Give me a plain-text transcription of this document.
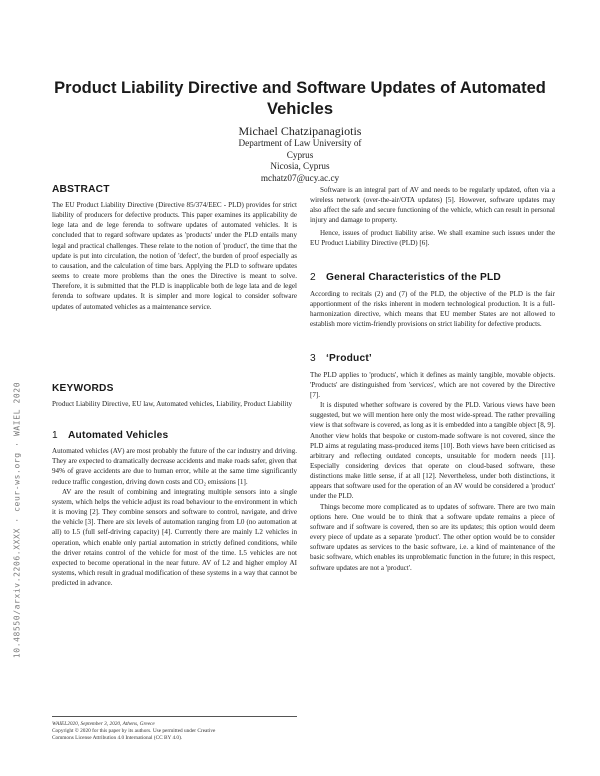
10.48550/arxiv.2206.XXXX · ceur-ws.org · WAIEL 2020
Product Liability Directive and Software Updates of Automated Vehicles
Michael Chatzipanagiotis
Department of Law University of
Cyprus
Nicosia, Cyprus
mchatz07@ucy.ac.cy
ABSTRACT

The EU Product Liability Directive (Directive 85/374/EEC - PLD) provides for strict liability of producers for defective products. This paper examines its applicability de lege lata and de lege ferenda to software updates of automated vehicles. It is concluded that to regard software updates as 'products' under the PLD entails many legal and practical challenges. These relate to the notion of 'product', the time that the update is put into circulation, the notion of 'defect', the burden of proof especially as to causation, and the calculation of time bars. Applying the PLD to software updates seems to create more problems than the ones the Directive is meant to solve. Therefore, it is submitted that the PLD is inapplicable both de lege lata and de legel ferenda to software updates. It is simpler and more logical to consider software updates of automated vehicles as a maintenance service.

KEYWORDS

Product Liability Directive, EU law, Automated vehicles, Liability, Product Liability

1 Automated Vehicles

Automated vehicles (AV) are most probably the future of the car industry and driving. They are expected to dramatically decrease accidents and make roads safer, given that 94% of grave accidents are due to human error, while at the same time significantly reduce traffic congestion, driving down costs and CO₂ emissions [1].

AV are the result of combining and integrating multiple sensors into a single system, which helps the vehicle adjust its road behaviour to the environment in which it is moving [2]. They combine sensors and software to control, navigate, and drive the vehicle [3]. There are six levels of automation ranging from L0 (no automation at all) to L5 (full self-driving capacity) [4]. Currently there are mainly L2 vehicles in operation, which enable only partial automation in strictly defined conditions, while the driver retains control of the vehicle for most of the time. L5 vehicles are not expected to become operational in the near future. AV of L2 and higher employ AI systems, which result in gradual modification of these systems in a way that cannot be predicted in advance.

Software is an integral part of AV and needs to be regularly updated, often via a wireless network (over-the-air/OTA updates) [5]. However, software updates may also affect the safe and secure functioning of the vehicle, which can result in personal injury and damage to property.

Hence, issues of product liability arise. We shall examine such issues under the EU Product Liability Directive (PLD) [6].

2 General Characteristics of the PLD

According to recitals (2) and (7) of the PLD, the objective of the PLD is the fair apportionment of the risks inherent in modern technological production. It is a full-harmonization directive, which means that EU member States are not allowed to establish more victim-friendly provisions on strict liability for defective products.

3 ‘Product’

The PLD applies to 'products', which it defines as mainly tangible, movable objects. 'Products' are distinguished from 'services', which are not covered by the Directive [7].

It is disputed whether software is covered by the PLD. Various views have been suggested, but we will mention here only the most wide-spread. The rather prevailing view is that software is covered, as long as it is embedded into a tangible object [8, 9]. Another view holds that bespoke or custom-made software is not covered, since the PLD aims at regulating mass-produced items [10]. Both views have been criticised as arbitrary and reflecting outdated concepts, unsuitable for modern needs [11]. Especially considering devices that operate on cloud-based software, these distinctions make little sense, if at all [12]. Nevertheless, under both distinctions, it appears that software used for the operation of an AV would be considered a 'product' under the PLD.

Things become more complicated as to updates of software. There are two main options here. One would be to think that a software update remains a piece of software and if software is covered, then so are its updates; this option would deem every piece of update as a separate 'product'. The other option would be to consider software updates as services to the basic software, i.e. a kind of maintenance of the basic software, which enables its unproblematic function in the future; in this respect, software updates are not a 'product'.

WAIEL2020, September 3, 2020, Athens, Greece

Copyright © 2020 for this paper by its authors. Use permitted under Creative

Commons License Attribution 4.0 International (CC BY 4.0).
